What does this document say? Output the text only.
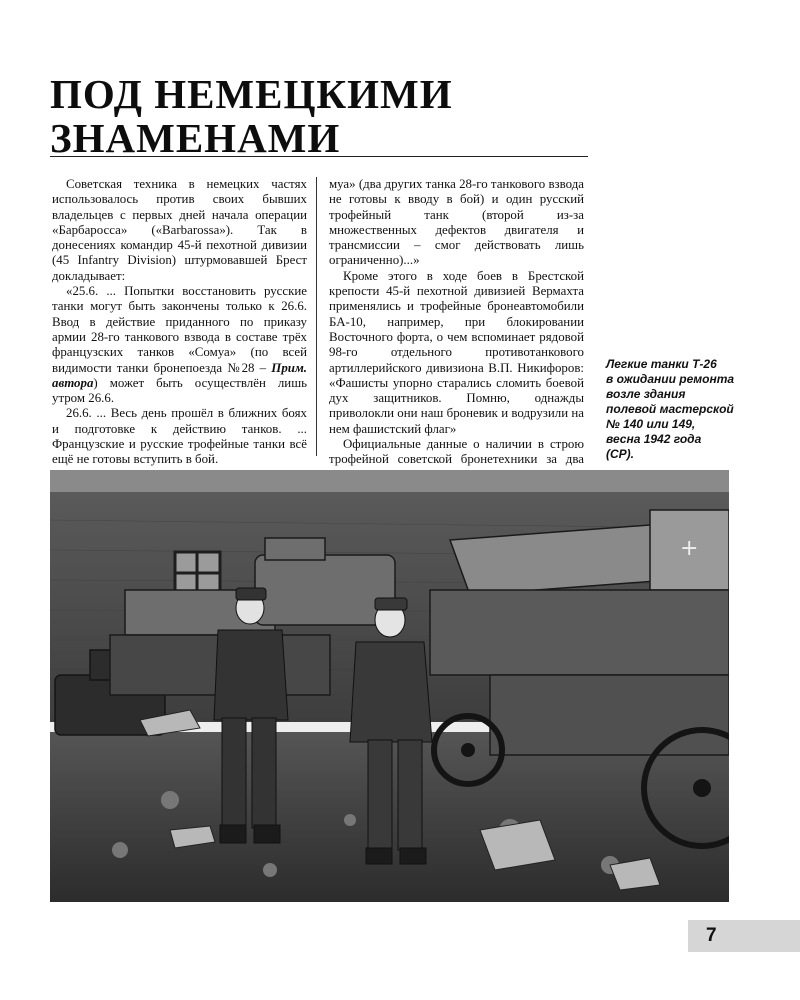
ПОД НЕМЕЦКИМИ
ЗНАМЕНАМИ

Советская техника в немецких частях использовалось против своих бывших владельцев с первых дней начала операции «Барбаросса» («Barbarossa»). Так в донесениях командир 45-й пехотной дивизии (45 Infantry Division) штурмовавшей Брест докладывает:

«25.6. ... Попытки восстановить русские танки могут быть закончены только к 26.6. Ввод в действие приданного по приказу армии 28-го танкового взвода в составе трёх французских танков «Сомуа» (по всей видимости танки бронепоезда №28 – Прим. автора) может быть осуществлён лишь утром 26.6.

26.6. ... Весь день прошёл в ближних боях и подготовке к действию танков. ... Французские и русские трофейные танки всё ещё не готовы вступить в бой.

муа» (два других танка 28-го танкового взвода не готовы к вводу в бой) и один русский трофейный танк (второй из-за множественных дефектов двигателя и трансмиссии – смог действовать лишь ограниченно)...»

Кроме этого в ходе боев в Брестской крепости 45-й пехотной дивизией Вермахта применялись и трофейные бронеавтомобили БА-10, например, при блокировании Восточного форта, о чем вспоминает рядовой 98-го отдельного противотанкового артиллерийского дивизиона В.П. Никифоров: «Фашисты упорно старались сломить боевой дух защитников. Помню, однажды приволокли они наш броневик и водрузили на нем фашистский флаг»

Официальные данные о наличии в строю трофейной советской бронетехники за два

Легкие танки Т-26
в ожидании ремонта
возле здания
полевой мастерской
№ 140 или 149,
весна 1942 года
(СР).
+
7
